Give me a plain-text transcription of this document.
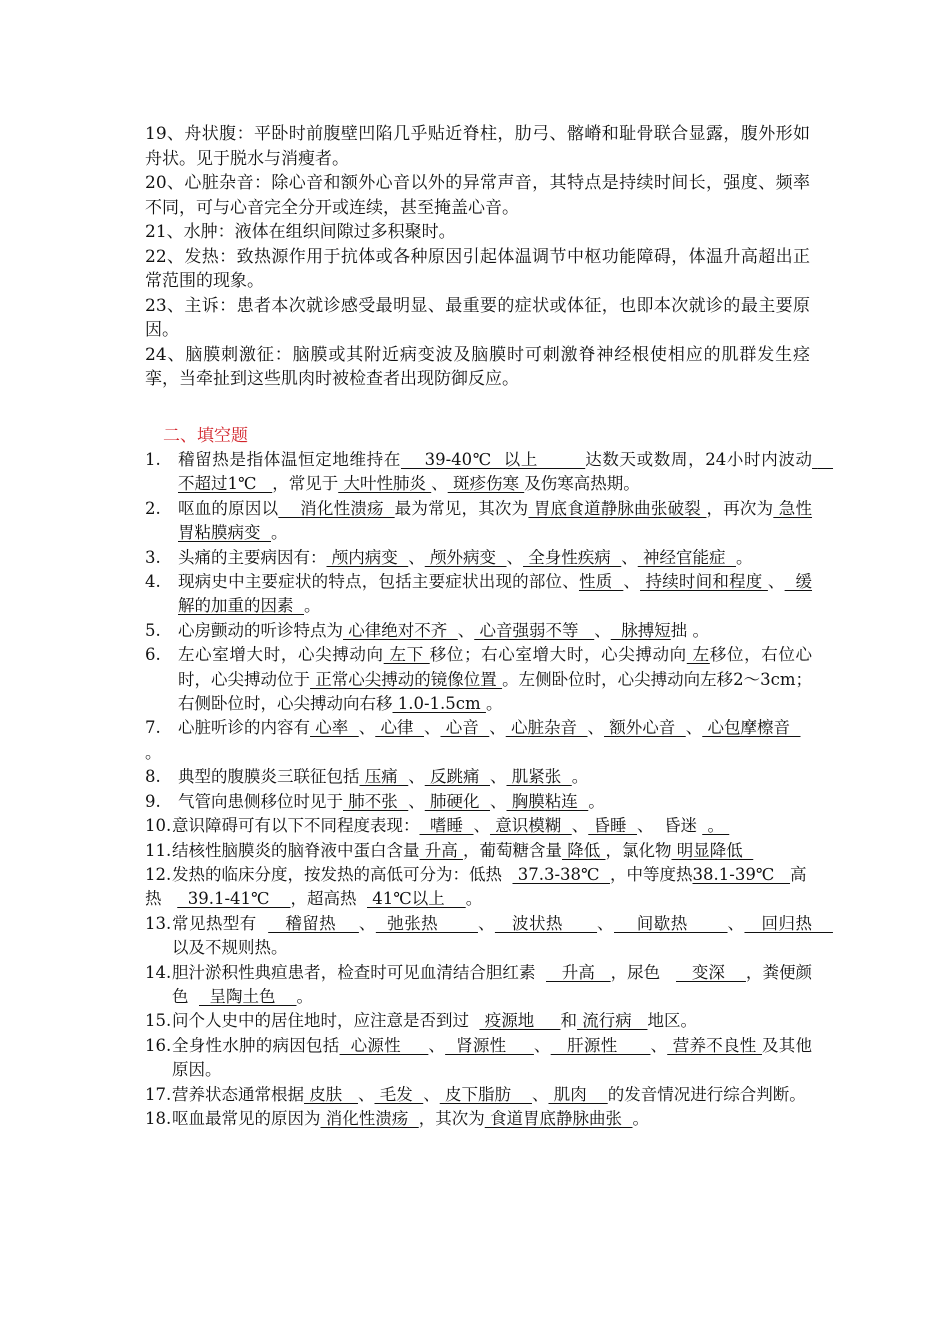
19、舟状腹：平卧时前腹壁凹陷几乎贴近脊柱，肋弓、髂嵴和耻骨联合显露，腹外形如舟状。见于脱水与消瘦者。

20、心脏杂音：除心音和额外心音以外的异常声音，其特点是持续时间长，强度、频率不同，可与心音完全分开或连续，甚至掩盖心音。

21、水肿：液体在组织间隙过多积聚时。

22、发热：致热源作用于抗体或各种原因引起体温调节中枢功能障碍，体温升高超出正常范围的现象。

23、主诉：患者本次就诊感受最明显、最重要的症状或体征，也即本次就诊的最主要原因。

24、脑膜刺激征：脑膜或其附近病变波及脑膜时可刺激脊神经根使相应的肌群发生痉挛，当牵扯到这些肌肉时被检查者出现防御反应。

二、填空题

1.	稽留热是指体温恒定地维持在    39-40℃  以上        达数天或数周，24小时内波动    不超过1℃   ，常见于 大叶性肺炎 、 斑疹伤寒 及伤寒高热期。
2.	呕血的原因以    消化性溃疡  最为常见，其次为 胃底食道静脉曲张破裂 ，再次为 急性胃粘膜病变  。
3.	头痛的主要病因有： 颅内病变  、 颅外病变  、 全身性疾病  、 神经官能症  。
4.	现病史中主要症状的特点，包括主要症状出现的部位、性质  、 持续时间和程度 、  缓解的加重的因素  。
5.	心房颤动的听诊特点为 心律绝对不齐  、 心音强弱不等   、  脉搏短拙 。
6.	左心室增大时，心尖搏动向 左下 移位；右心室增大时，心尖搏动向 左移位，右位心时，心尖搏动位于 正常心尖搏动的镜像位置 。左侧卧位时，心尖搏动向左移2～3cm；右侧卧位时，心尖搏动向右移 1.0-1.5cm 。
7. 心脏听诊的内容有 心率  、 心律  、 心音  、 心脏杂音  、 额外心音  、 心包摩檫音  。
8.	典型的腹膜炎三联征包括 压痛  、 反跳痛  、 肌紧张  。
9.	气管向患侧移位时见于 肺不张  、 肺硬化  、 胸膜粘连  。
10. 意识障碍可有以下不同程度表现：  嗜睡  、 意识模糊  、 昏睡  、  昏迷  。
11. 结核性脑膜炎的脑脊液中蛋白含量 升高 ，葡萄糖含量 降低 ，氯化物 明显降低
12.发热的临床分度，按发热的高低可分为：低热   37.3-38℃  ，中等度热38.1-39℃   高热     39.1-41℃    ，超高热   41℃以上    。
13. 常见热型有     稽留热    、  弛张热       、   波状热      、    间歇热       、   回归热    以及不规则热。
14. 胆汁淤积性典疸患者，检查时可见血清结合胆红素     升高   ，尿色      变深    ，粪便颜色    呈陶土色    。
15. 问个人史中的居住地时，应注意是否到过   疫源地     和 流行病   地区。
16. 全身性水肿的病因包括  心源性     、  肾源性     、   肝源性      、 营养不良性 及其他原因。
17. 营养状态通常根据 皮肤   、 毛发  、 皮下脂肪    、 肌肉    的发音情况进行综合判断。
18. 呕血最常见的原因为 消化性溃疡  ，其次为 食道胃底静脉曲张  。
